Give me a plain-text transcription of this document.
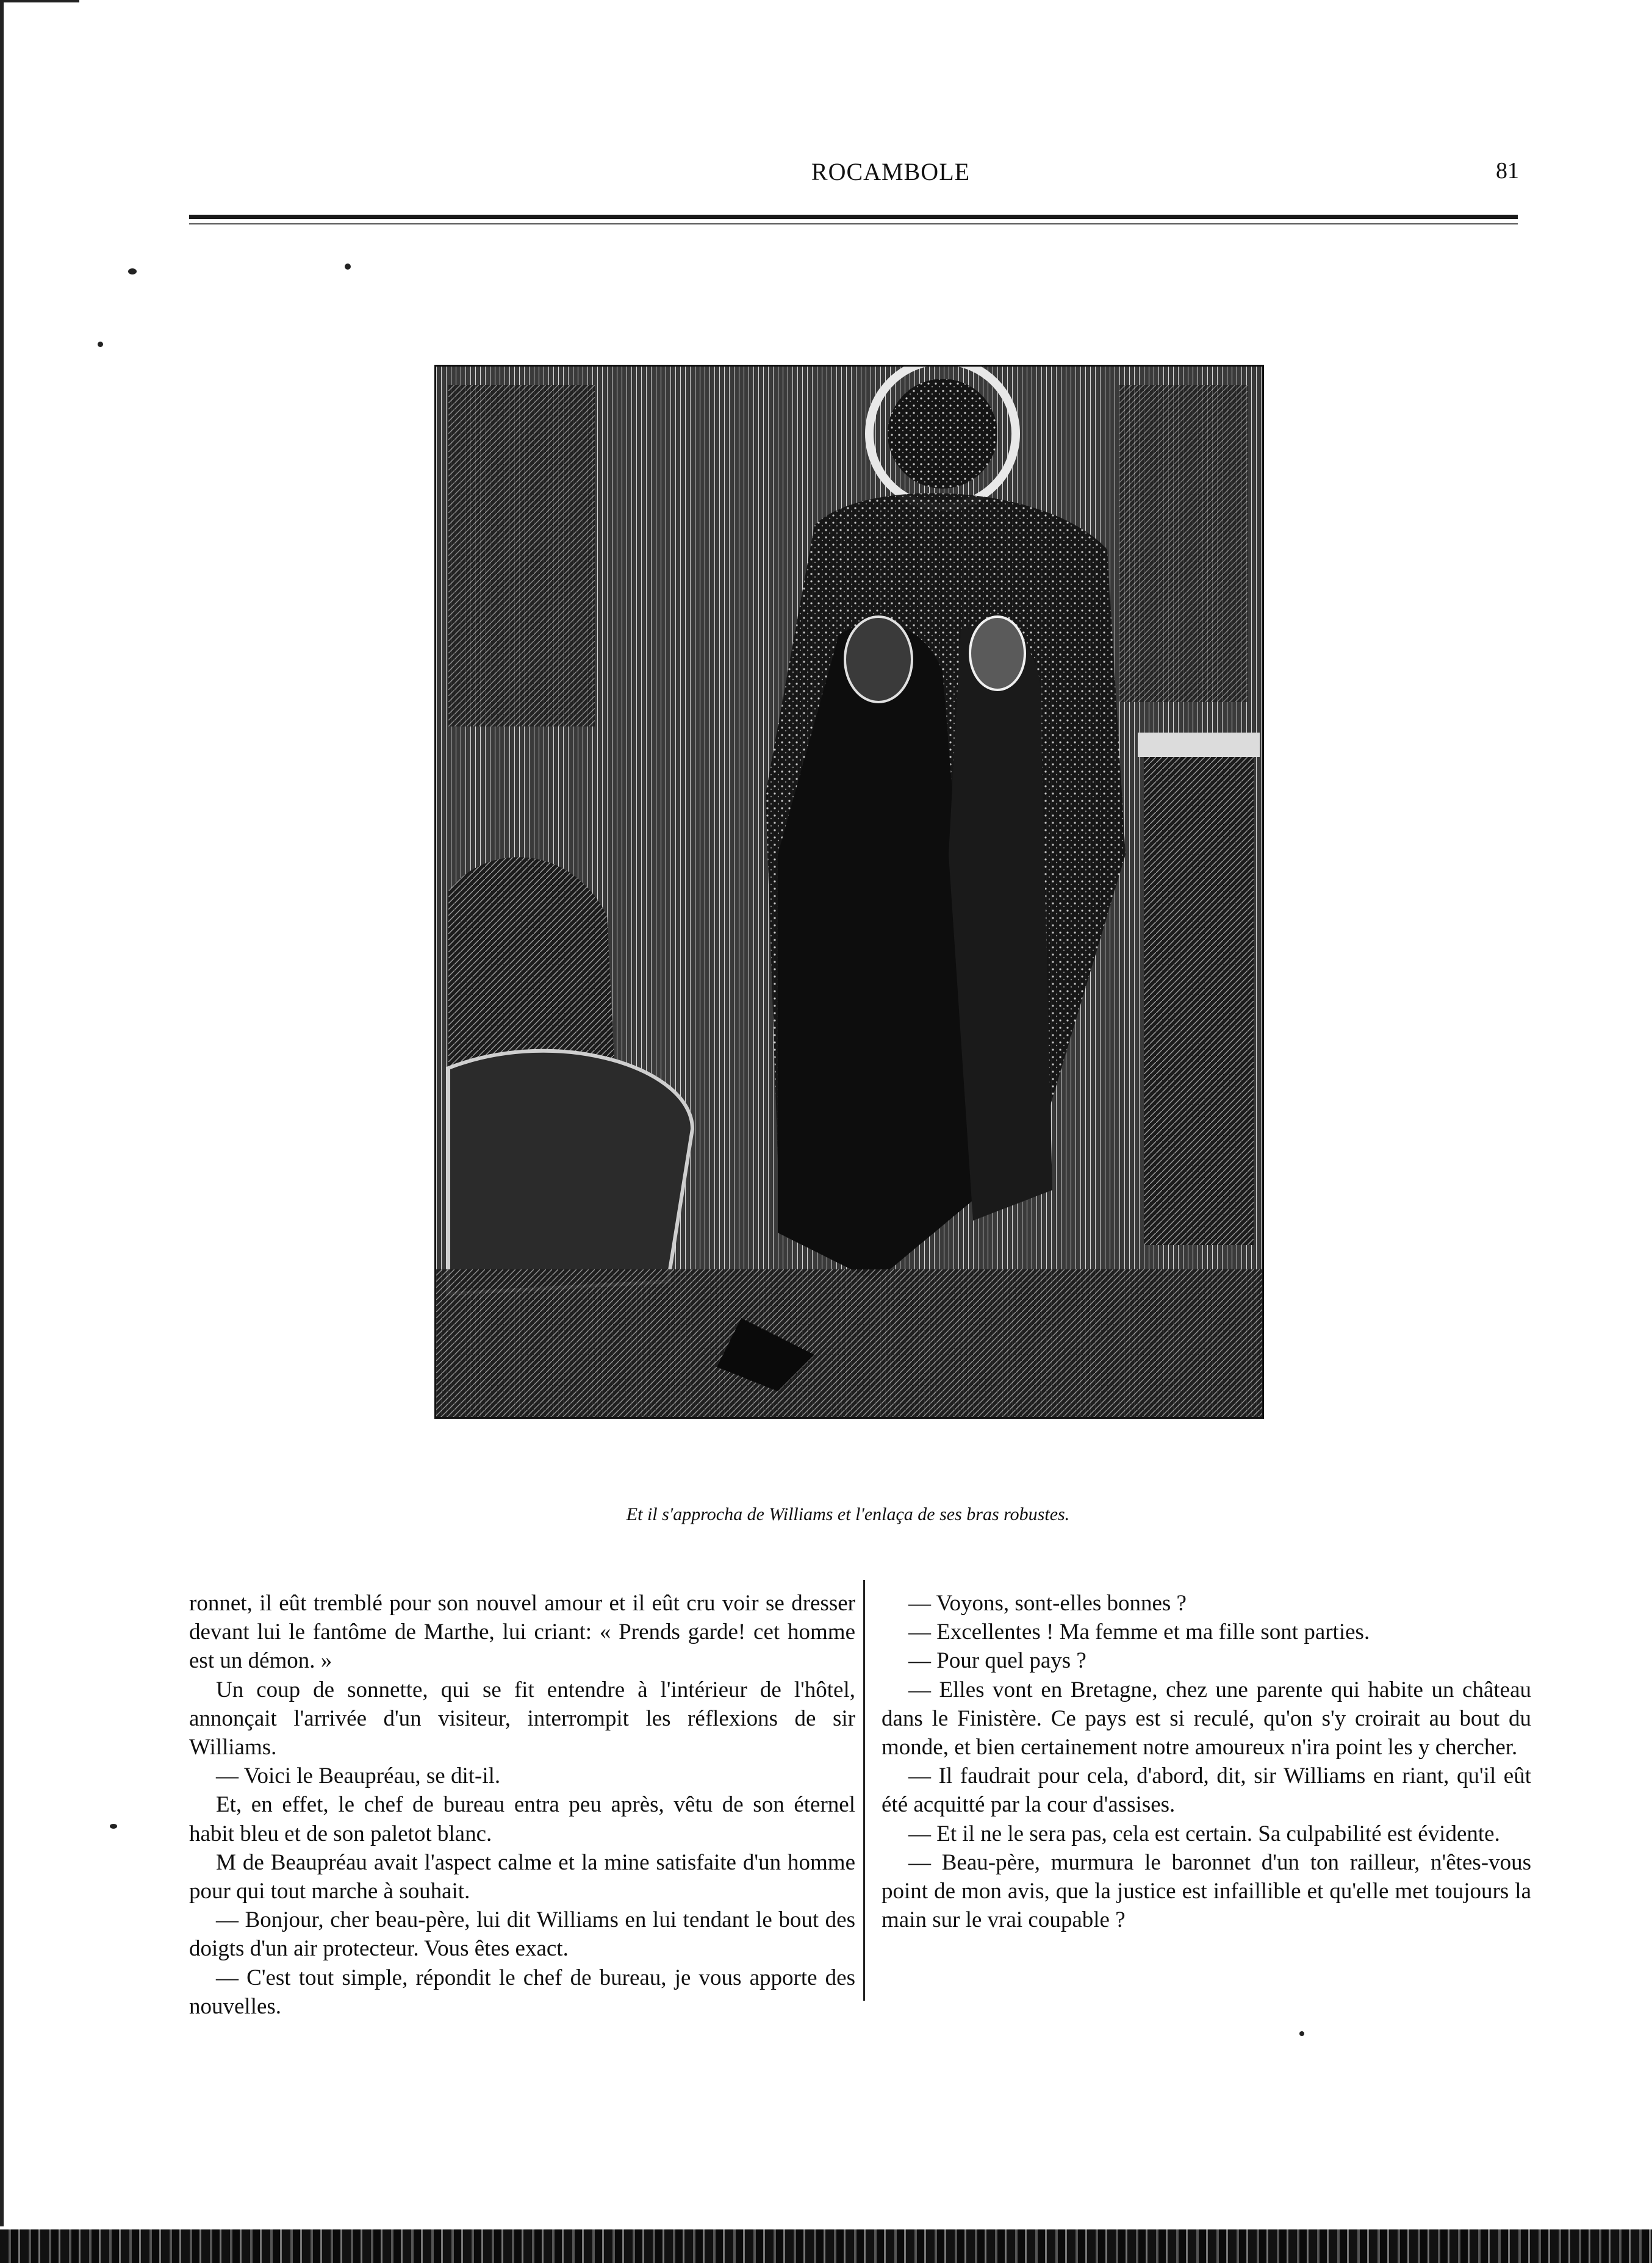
ROCAMBOLE	81
Et il s'approcha de Williams et l'enlaça de ses bras robustes.

ronnet, il eût tremblé pour son nouvel amour et il eût cru voir se dresser devant lui le fantôme de Marthe, lui criant: « Prends garde! cet homme est un démon. »

Un coup de sonnette, qui se fit entendre à l'intérieur de l'hôtel, annonçait l'arrivée d'un visiteur, interrompit les réflexions de sir Williams.

— Voici le Beaupréau, se dit-il.

Et, en effet, le chef de bureau entra peu après, vêtu de son éternel habit bleu et de son paletot blanc.

M de Beaupréau avait l'aspect calme et la mine satisfaite d'un homme pour qui tout marche à souhait.

— Bonjour, cher beau-père, lui dit Williams en lui tendant le bout des doigts d'un air protecteur. Vous êtes exact.

— C'est tout simple, répondit le chef de bureau, je vous apporte des nouvelles.

— Voyons, sont-elles bonnes ?

— Excellentes ! Ma femme et ma fille sont parties.

— Pour quel pays ?

— Elles vont en Bretagne, chez une parente qui habite un château dans le Finistère. Ce pays est si reculé, qu'on s'y croirait au bout du monde, et bien certainement notre amoureux n'ira point les y chercher.

— Il faudrait pour cela, d'abord, dit, sir Williams en riant, qu'il eût été acquitté par la cour d'assises.

— Et il ne le sera pas, cela est certain. Sa culpabilité est évidente.

— Beau-père, murmura le baronnet d'un ton railleur, n'êtes-vous point de mon avis, que la justice est infaillible et qu'elle met toujours la main sur le vrai coupable ?
